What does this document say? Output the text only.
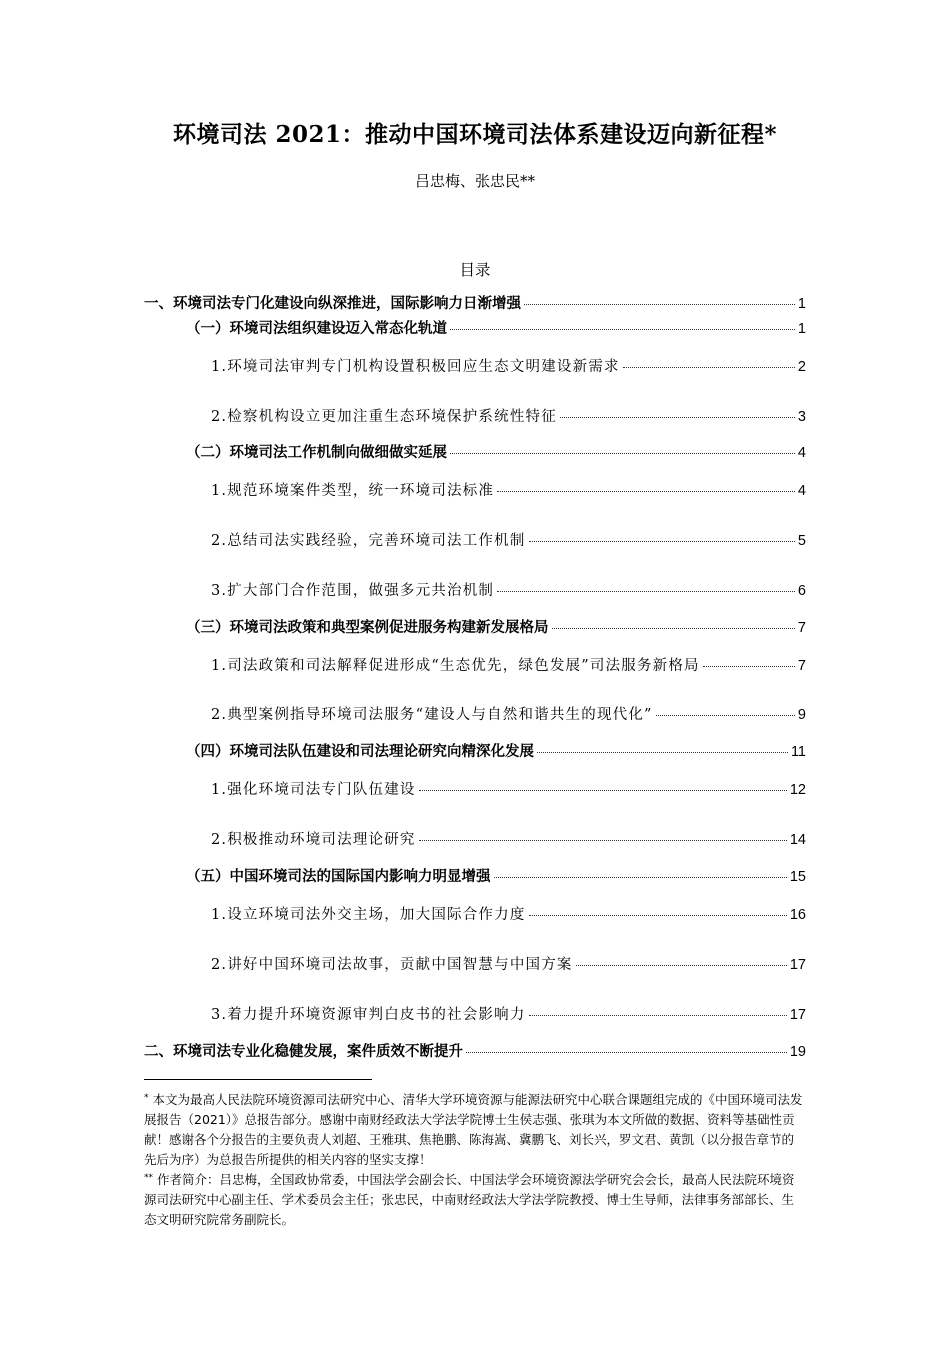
环境司法 2021：推动中国环境司法体系建设迈向新征程*
吕忠梅、张忠民**
目录
一、环境司法专门化建设向纵深推进，国际影响力日渐增强	1
（一）环境司法组织建设迈入常态化轨道	1
1.环境司法审判专门机构设置积极回应生态文明建设新需求	2
2.检察机构设立更加注重生态环境保护系统性特征	3
（二）环境司法工作机制向做细做实延展	4
1.规范环境案件类型，统一环境司法标准	4
2.总结司法实践经验，完善环境司法工作机制	5
3.扩大部门合作范围，做强多元共治机制	6
（三）环境司法政策和典型案例促进服务构建新发展格局	7
1.司法政策和司法解释促进形成“生态优先，绿色发展”司法服务新格局	7
2.典型案例指导环境司法服务“建设人与自然和谐共生的现代化”	9
（四）环境司法队伍建设和司法理论研究向精深化发展	11
1.强化环境司法专门队伍建设	12
2.积极推动环境司法理论研究	14
（五）中国环境司法的国际国内影响力明显增强	15
1.设立环境司法外交主场，加大国际合作力度	16
2.讲好中国环境司法故事，贡献中国智慧与中国方案	17
3.着力提升环境资源审判白皮书的社会影响力	17
二、环境司法专业化稳健发展，案件质效不断提升	19

* 本文为最高人民法院环境资源司法研究中心、清华大学环境资源与能源法研究中心联合课题组完成的《中国环境司法发展报告（2021）》总报告部分。感谢中南财经政法大学法学院博士生侯志强、张琪为本文所做的数据、资料等基础性贡献！感谢各个分报告的主要负责人刘超、王雅琪、焦艳鹏、陈海嵩、冀鹏飞、刘长兴，罗文君、黄凯（以分报告章节的先后为序）为总报告所提供的相关内容的坚实支撑！

** 作者简介：吕忠梅，全国政协常委，中国法学会副会长、中国法学会环境资源法学研究会会长，最高人民法院环境资源司法研究中心副主任、学术委员会主任；张忠民，中南财经政法大学法学院教授、博士生导师，法律事务部部长、生态文明研究院常务副院长。
